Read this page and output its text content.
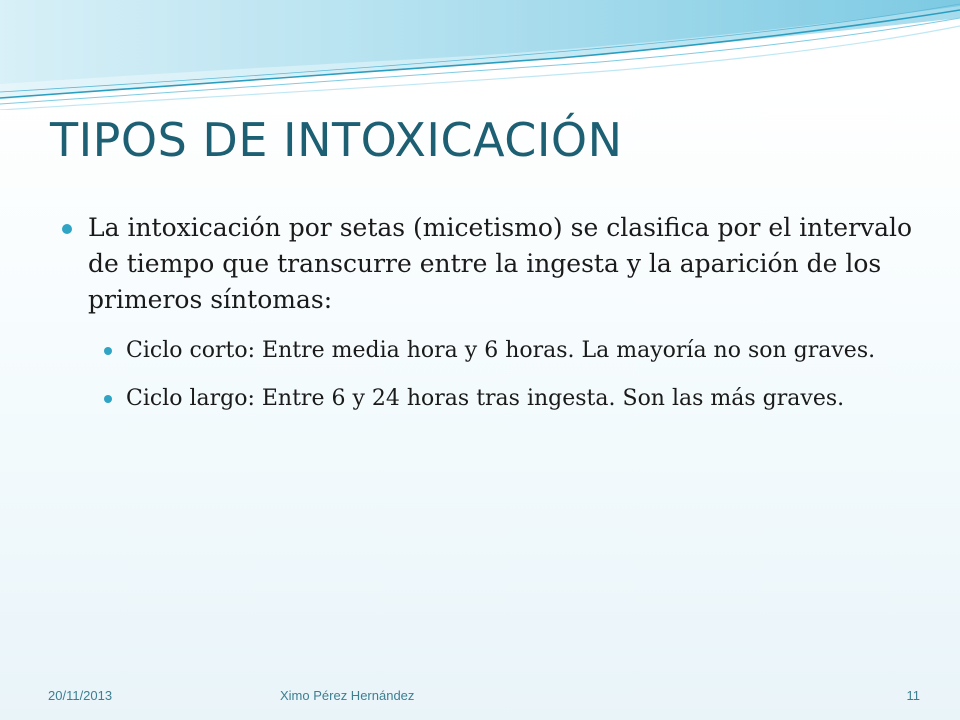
TIPOS DE INTOXICACIÓN
La intoxicación por setas (micetismo) se clasifica por el intervalo de tiempo que transcurre entre la ingesta y la aparición de los primeros síntomas:
Ciclo corto: Entre media hora y 6 horas. La mayoría no son graves.
Ciclo largo: Entre 6 y 24 horas tras ingesta. Son las más graves.
20/11/2013	Ximo Pérez Hernández	11
